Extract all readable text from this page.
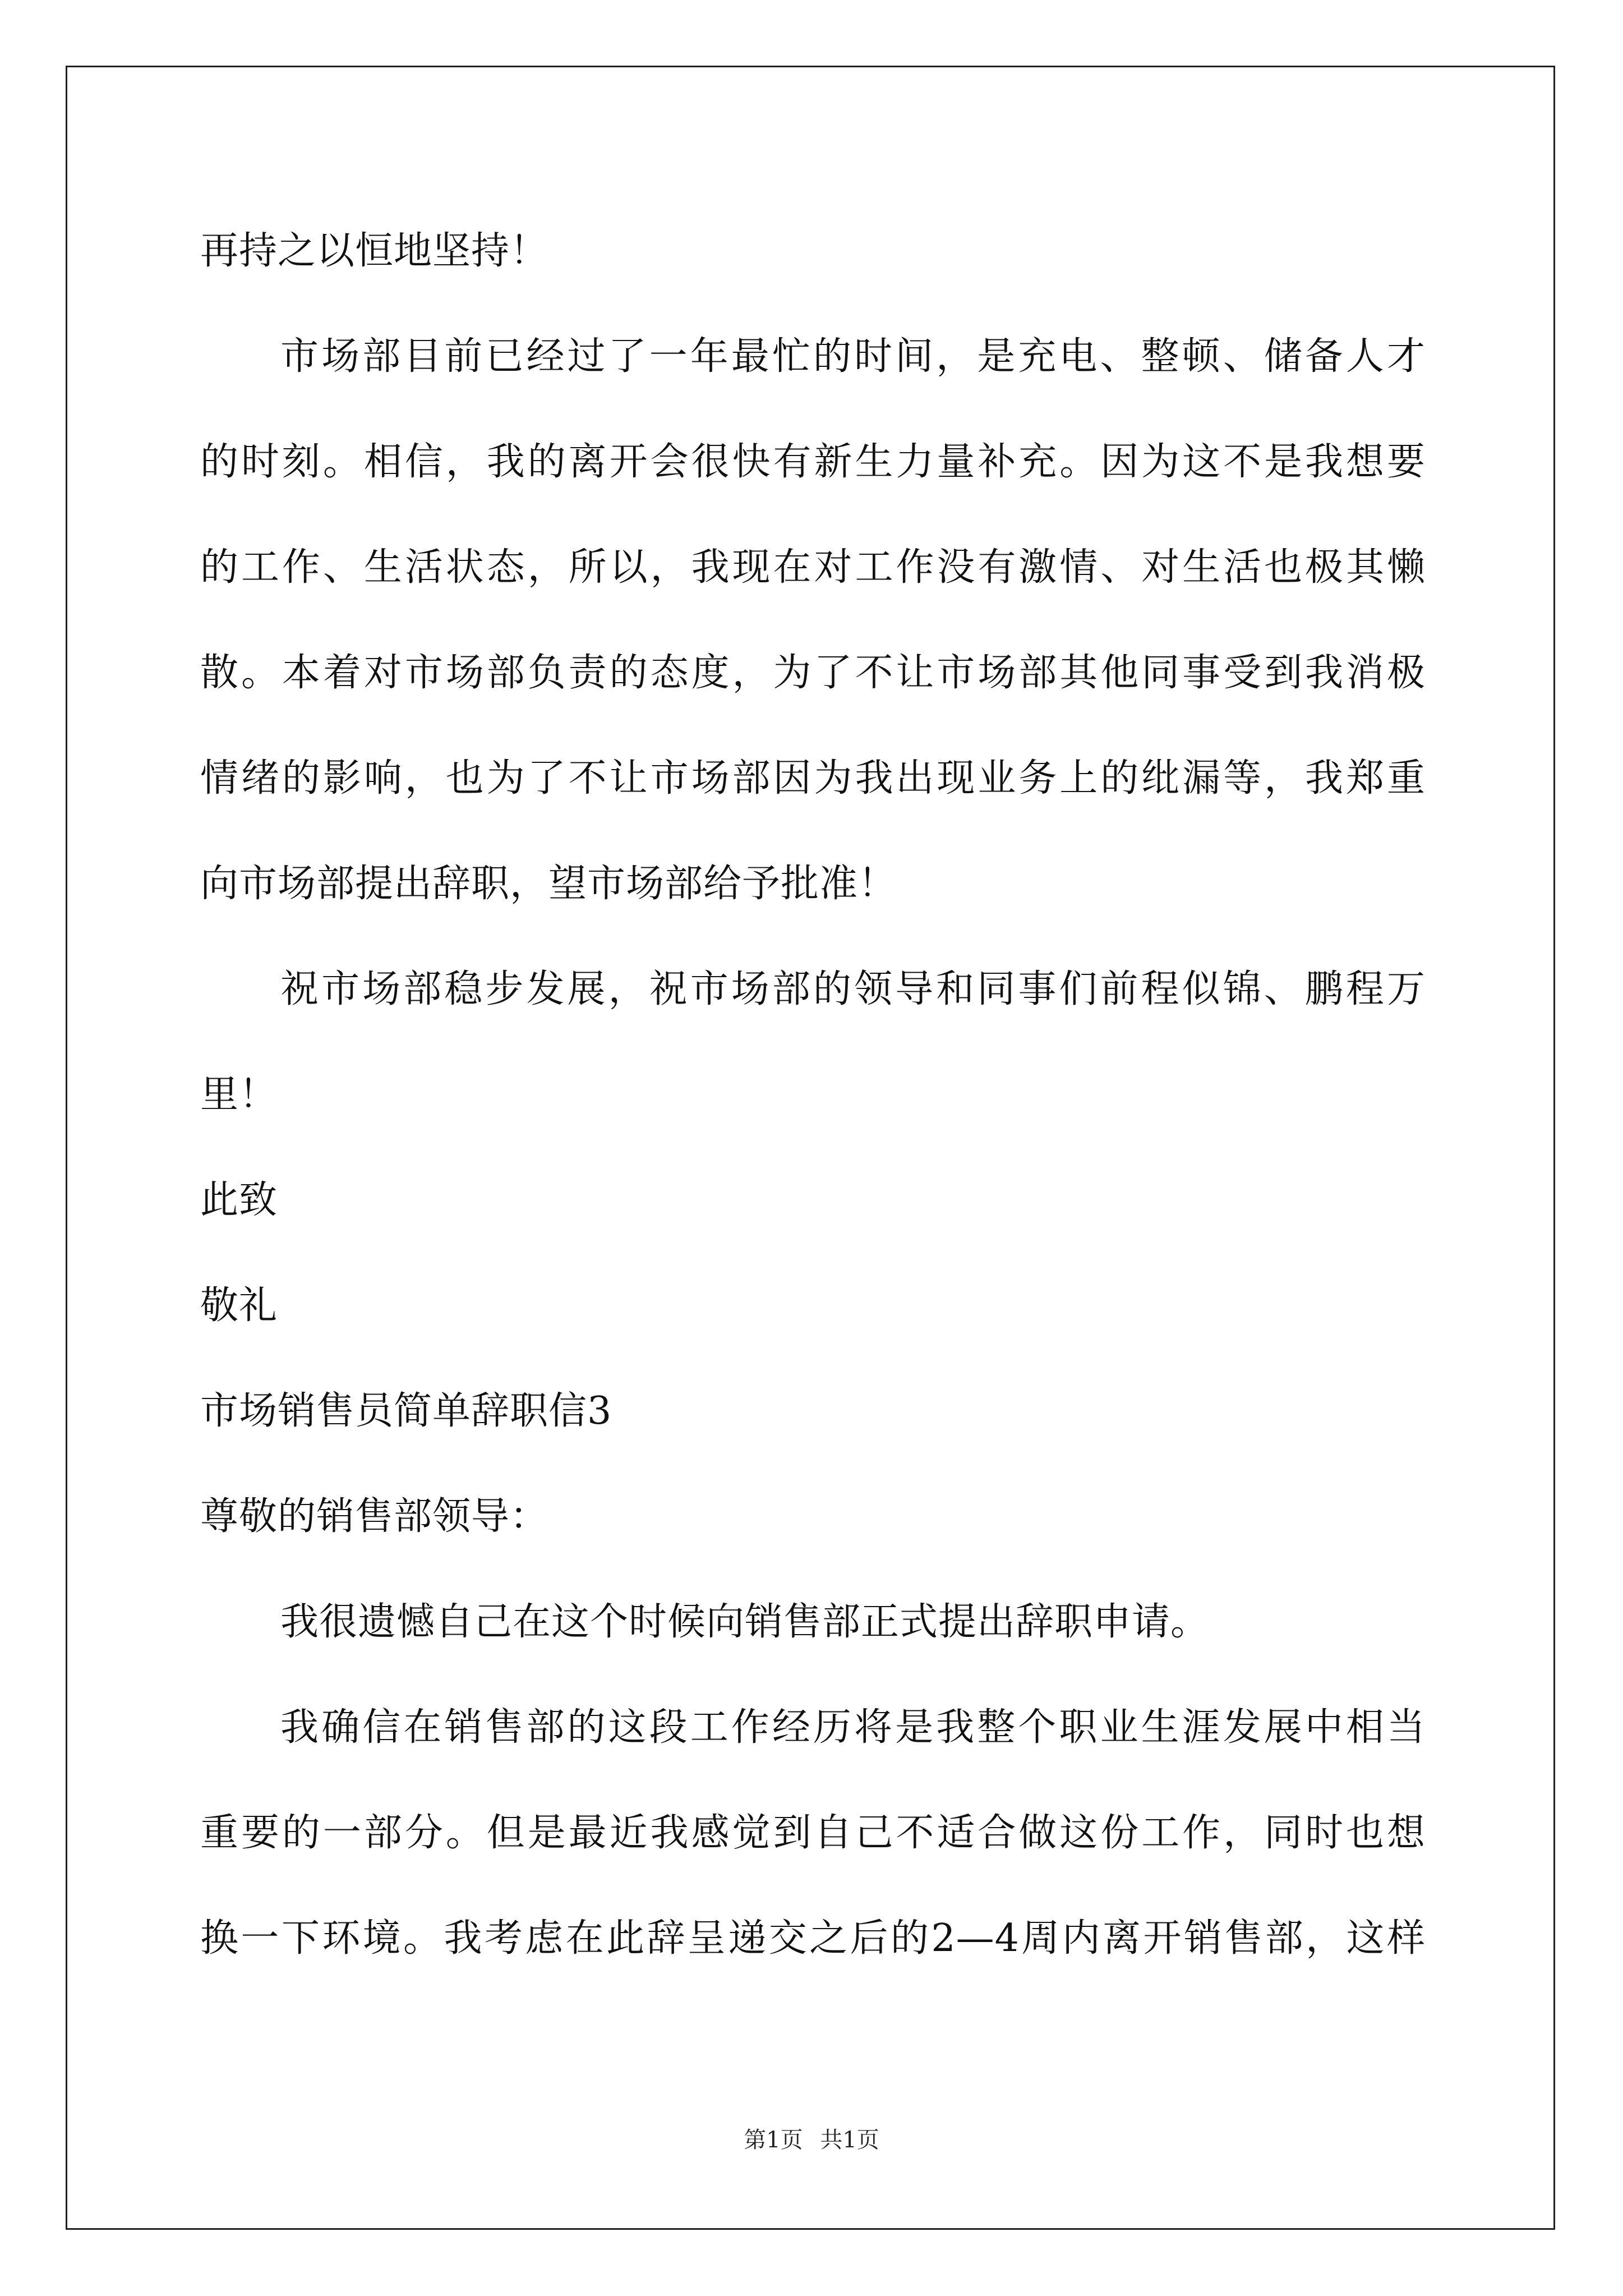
再持之以恒地坚持！
市场部目前已经过了一年最忙的时间，是充电、整顿、储备人才
的时刻。相信，我的离开会很快有新生力量补充。因为这不是我想要
的工作、生活状态，所以，我现在对工作没有激情、对生活也极其懒
散。本着对市场部负责的态度，为了不让市场部其他同事受到我消极
情绪的影响，也为了不让市场部因为我出现业务上的纰漏等，我郑重
向市场部提出辞职，望市场部给予批准！
祝市场部稳步发展，祝市场部的领导和同事们前程似锦、鹏程万
里！
此致
敬礼
市场销售员简单辞职信3
尊敬的销售部领导：
我很遗憾自己在这个时候向销售部正式提出辞职申请。
我确信在销售部的这段工作经历将是我整个职业生涯发展中相当
重要的一部分。但是最近我感觉到自己不适合做这份工作，同时也想
换一下环境。我考虑在此辞呈递交之后的2—4周内离开销售部，这样
第1页 共1页
